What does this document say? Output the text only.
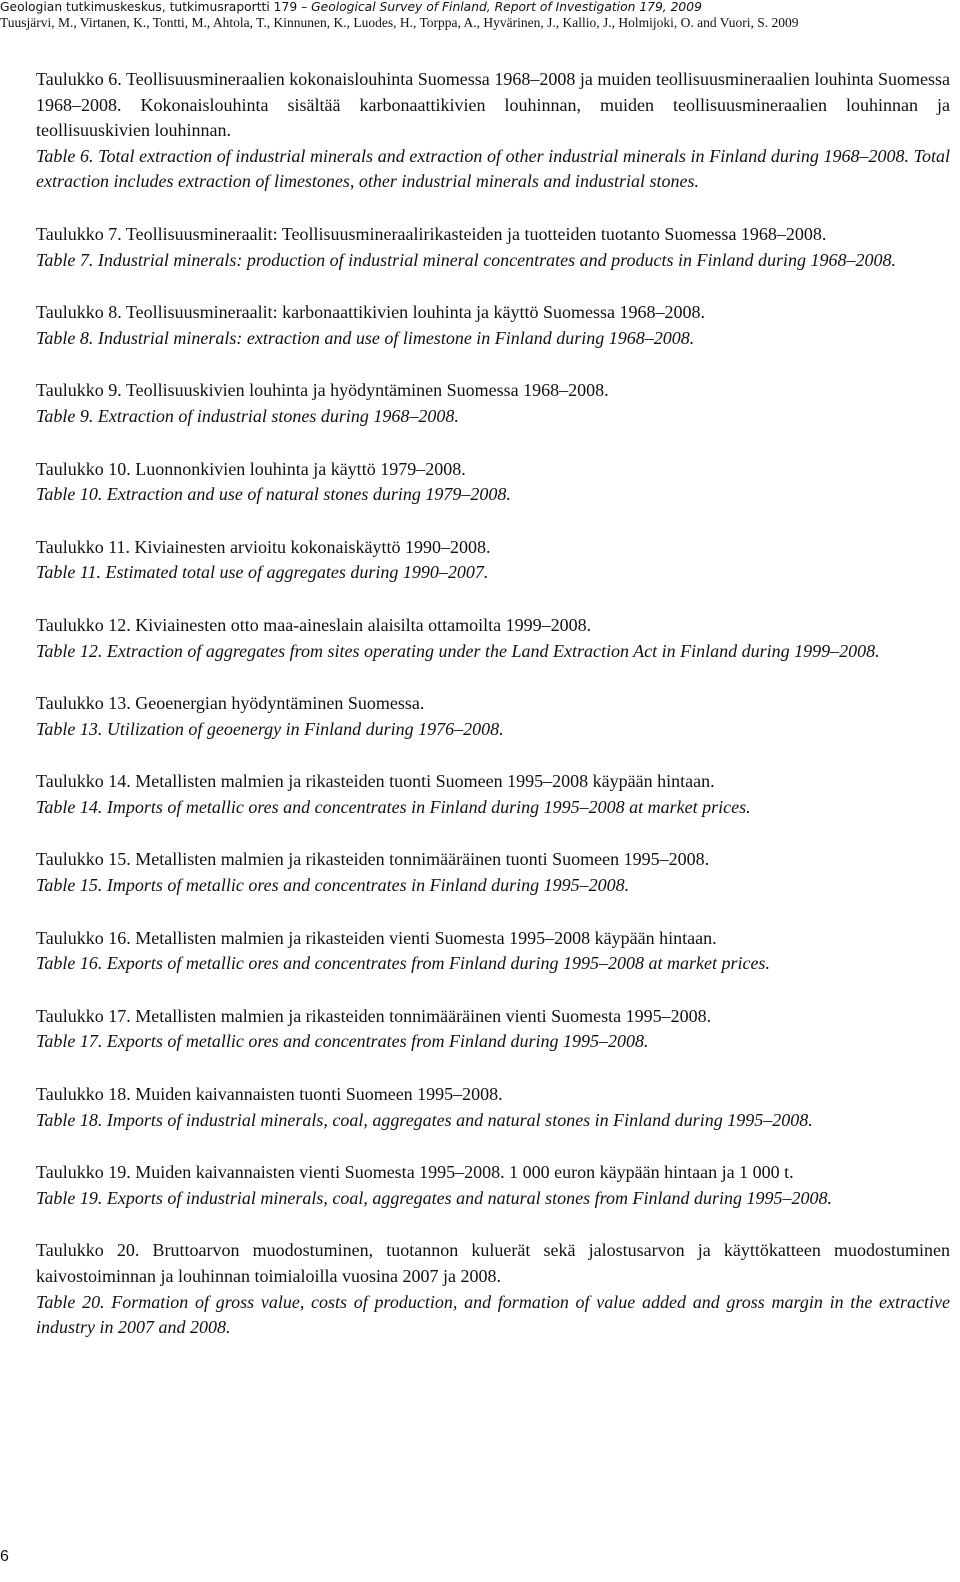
Geologian tutkimuskeskus, tutkimusraportti 179 – Geological Survey of Finland, Report of Investigation 179, 2009
Tuusjärvi, M., Virtanen, K., Tontti, M., Ahtola, T., Kinnunen, K., Luodes, H., Torppa, A., Hyvärinen, J., Kallio, J., Holmijoki, O. and Vuori, S. 2009

Taulukko 6. Teollisuusmineraalien kokonaislouhinta Suomessa 1968–2008 ja muiden teollisuusmineraalien louhinta Suomessa 1968–2008. Kokonaislouhinta sisältää karbonaattikivien louhinnan, muiden teollisuusmineraalien louhinnan ja teollisuuskivien louhinnan.

Table 6. Total extraction of industrial minerals and extraction of other industrial minerals in Finland during 1968–2008. Total extraction includes extraction of limestones, other industrial minerals and industrial stones.

Taulukko 7. Teollisuusmineraalit: Teollisuusmineraalirikasteiden ja tuotteiden tuotanto Suomessa 1968–2008.

Table 7. Industrial minerals: production of industrial mineral concentrates and products in Finland during 1968–2008.

Taulukko 8. Teollisuusmineraalit: karbonaattikivien louhinta ja käyttö Suomessa 1968–2008.

Table 8. Industrial minerals: extraction and use of limestone in Finland during 1968–2008.

Taulukko 9. Teollisuuskivien louhinta ja hyödyntäminen Suomessa 1968–2008.

Table 9. Extraction of industrial stones during 1968–2008.

Taulukko 10. Luonnonkivien louhinta ja käyttö 1979–2008.

Table 10. Extraction and use of natural stones during 1979–2008.

Taulukko 11. Kiviainesten arvioitu kokonaiskäyttö 1990–2008.

Table 11. Estimated total use of aggregates during 1990–2007.

Taulukko 12. Kiviainesten otto maa-aineslain alaisilta ottamoilta 1999–2008.

Table 12. Extraction of aggregates from sites operating under the Land Extraction Act in Finland during 1999–2008.

Taulukko 13. Geoenergian hyödyntäminen Suomessa.

Table 13. Utilization of geoenergy in Finland during 1976–2008.

Taulukko 14. Metallisten malmien ja rikasteiden tuonti Suomeen 1995–2008 käypään hintaan.

Table 14. Imports of metallic ores and concentrates in Finland during 1995–2008 at market prices.

Taulukko 15. Metallisten malmien ja rikasteiden tonnimääräinen tuonti Suomeen 1995–2008.

Table 15. Imports of metallic ores and concentrates in Finland during 1995–2008.

Taulukko 16. Metallisten malmien ja rikasteiden vienti Suomesta 1995–2008 käypään hintaan.

Table 16. Exports of metallic ores and concentrates from Finland during 1995–2008 at market prices.

Taulukko 17. Metallisten malmien ja rikasteiden tonnimääräinen vienti Suomesta 1995–2008.

Table 17. Exports of metallic ores and concentrates from Finland during 1995–2008.

Taulukko 18. Muiden kaivannaisten tuonti Suomeen 1995–2008.

Table 18. Imports of industrial minerals, coal, aggregates and natural stones in Finland during 1995–2008.

Taulukko 19. Muiden kaivannaisten vienti Suomesta 1995–2008. 1 000 euron käypään hintaan ja 1 000 t.

Table 19. Exports of industrial minerals, coal, aggregates and natural stones from Finland during 1995–2008.

Taulukko 20. Bruttoarvon muodostuminen, tuotannon kuluerät sekä jalostusarvon ja käyttökatteen muodostuminen kaivostoiminnan ja louhinnan toimialoilla vuosina 2007 ja 2008.

Table 20. Formation of gross value, costs of production, and formation of value added and gross margin in the extractive industry in 2007 and 2008.

6
